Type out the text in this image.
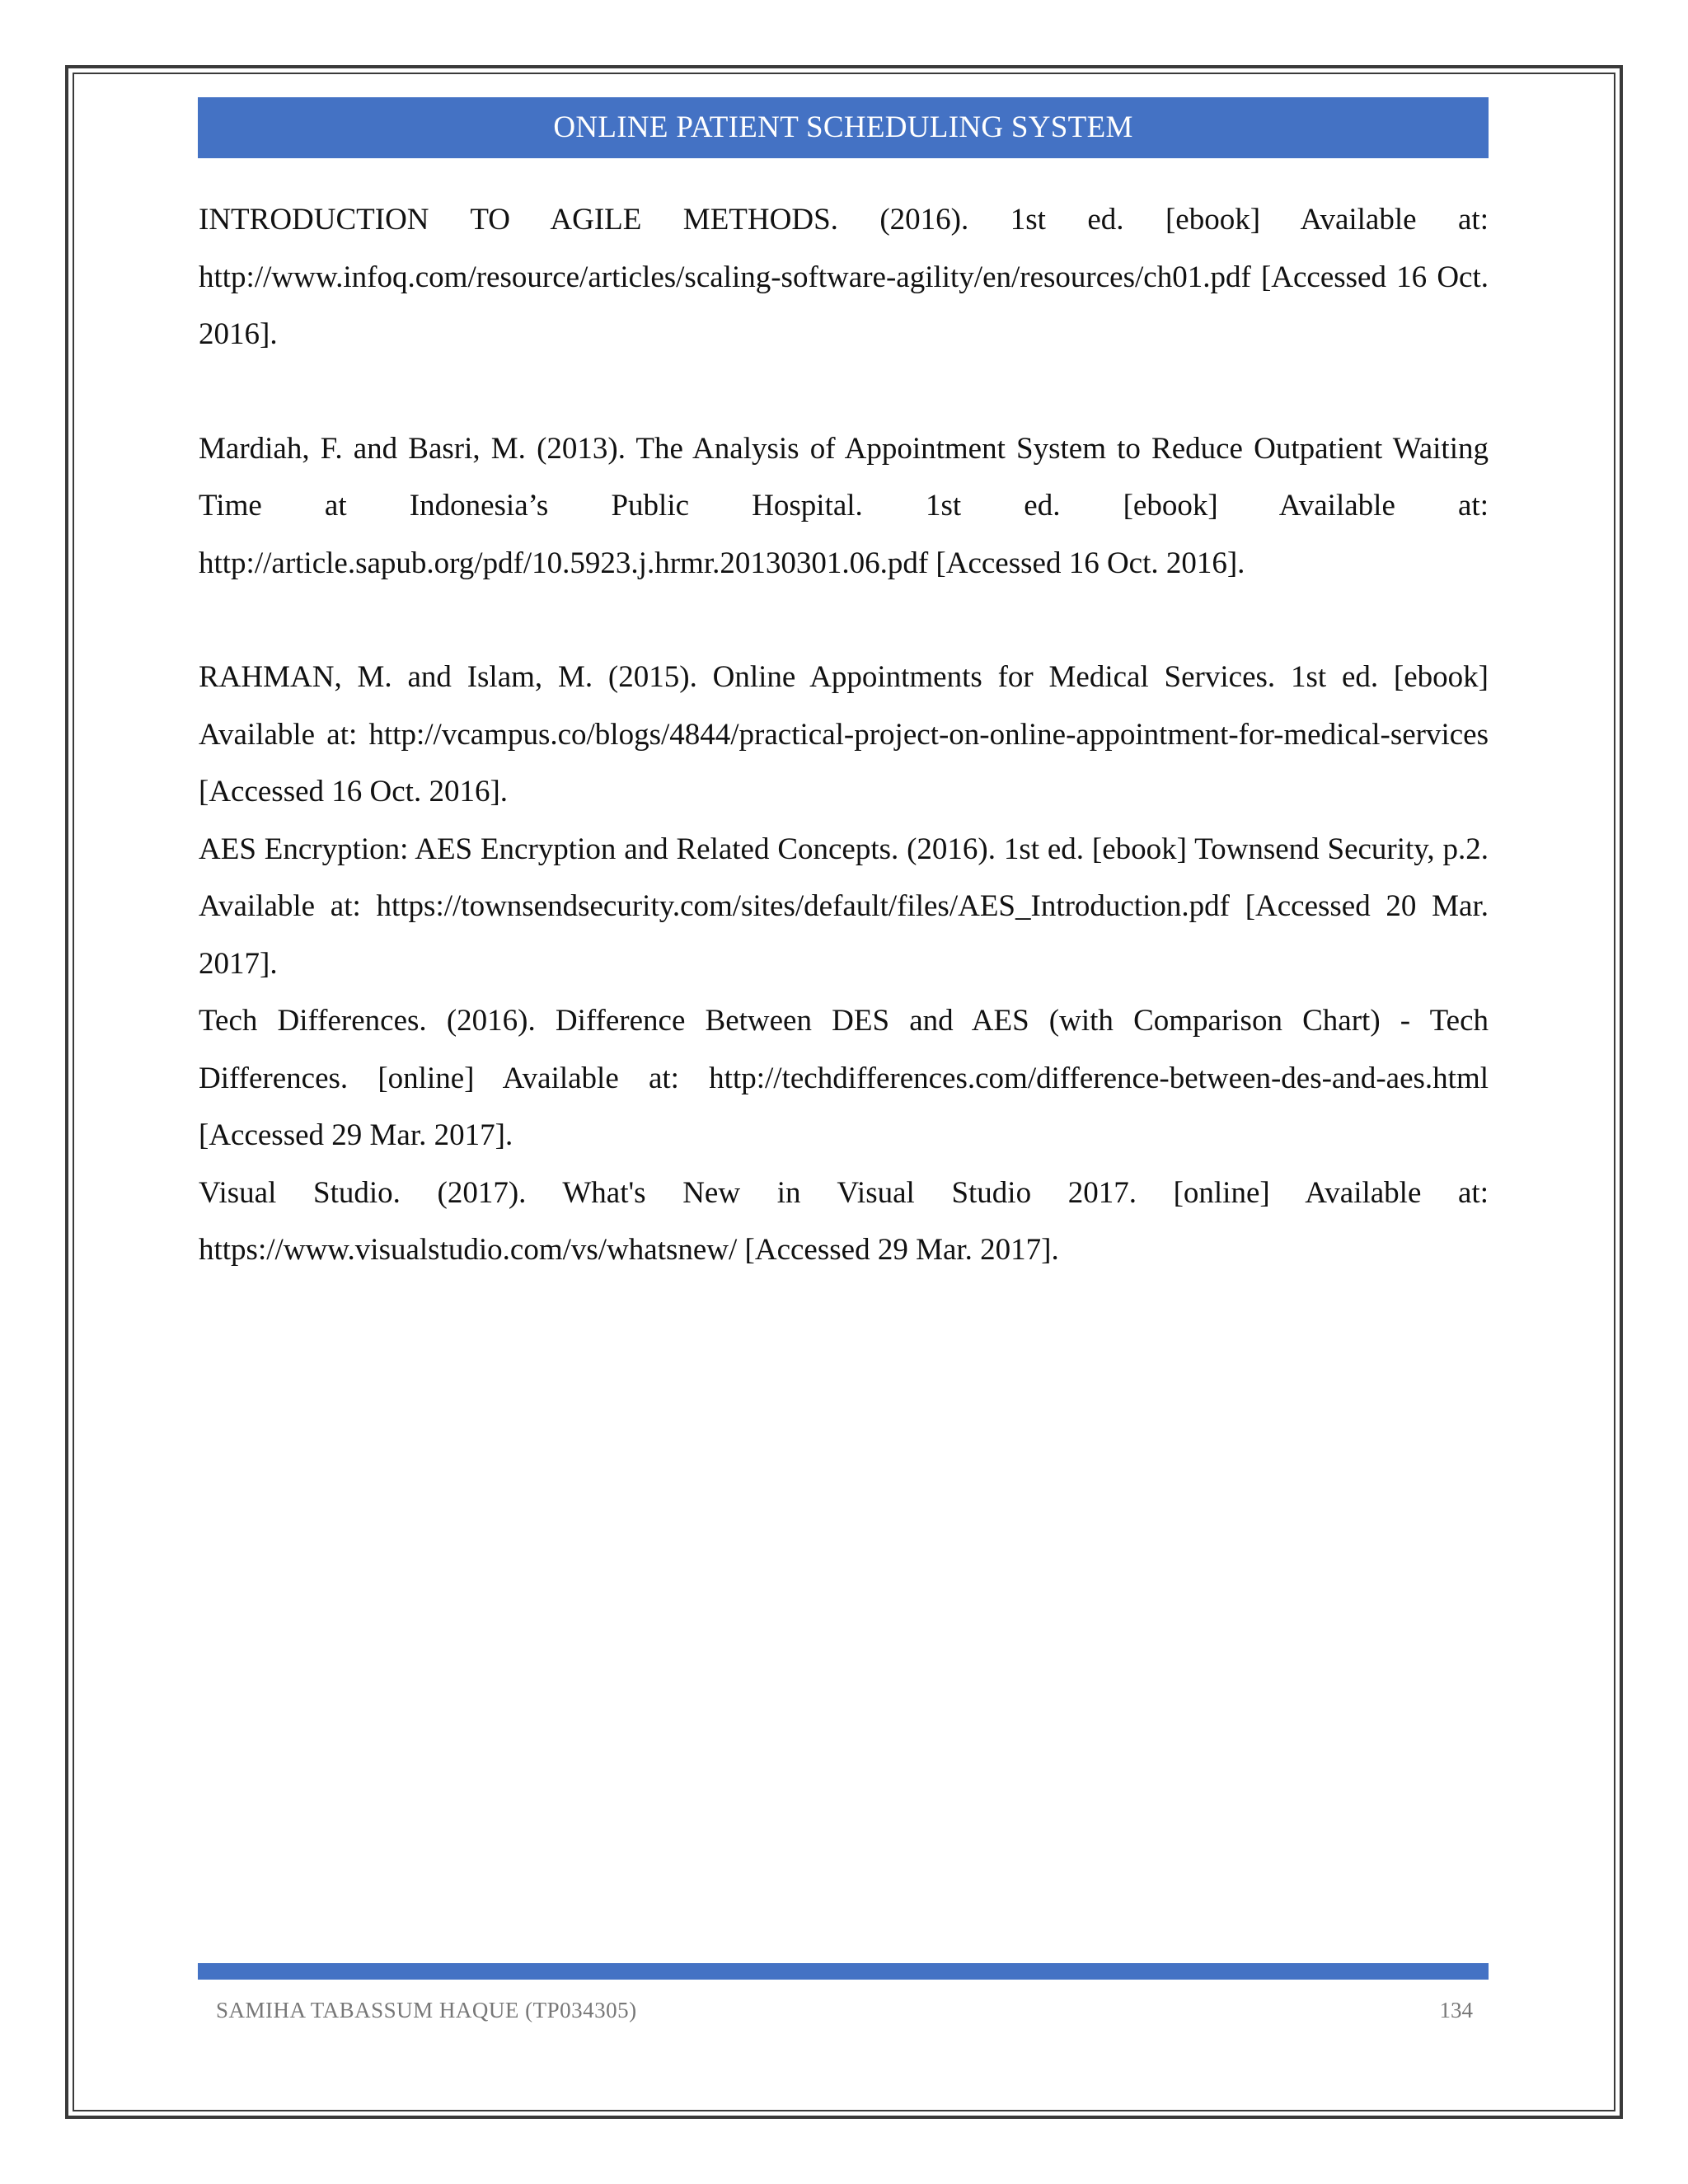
ONLINE PATIENT SCHEDULING SYSTEM

INTRODUCTION TO AGILE METHODS. (2016). 1st ed. [ebook] Available at: http://www.infoq.com/resource/articles/scaling-software-agility/en/resources/ch01.pdf [Accessed 16 Oct. 2016].

Mardiah, F. and Basri, M. (2013). The Analysis of Appointment System to Reduce Outpatient Waiting Time at Indonesia’s Public Hospital. 1st ed. [ebook] Available at: http://article.sapub.org/pdf/10.5923.j.hrmr.20130301.06.pdf [Accessed 16 Oct. 2016].

RAHMAN, M. and Islam, M. (2015). Online Appointments for Medical Services. 1st ed. [ebook] Available at: http://vcampus.co/blogs/4844/practical-project-on-online-appointment-for-medical-services [Accessed 16 Oct. 2016].

AES Encryption: AES Encryption and Related Concepts. (2016). 1st ed. [ebook] Townsend Security, p.2. Available at: https://townsendsecurity.com/sites/default/files/AES_Introduction.pdf [Accessed 20 Mar. 2017].

Tech Differences. (2016). Difference Between DES and AES (with Comparison Chart) - Tech Differences. [online] Available at: http://techdifferences.com/difference-between-des-and-aes.html [Accessed 29 Mar. 2017].

Visual Studio. (2017). What's New in Visual Studio 2017. [online] Available at: https://www.visualstudio.com/vs/whatsnew/ [Accessed 29 Mar. 2017].

SAMIHA TABASSUM HAQUE (TP034305)	134
